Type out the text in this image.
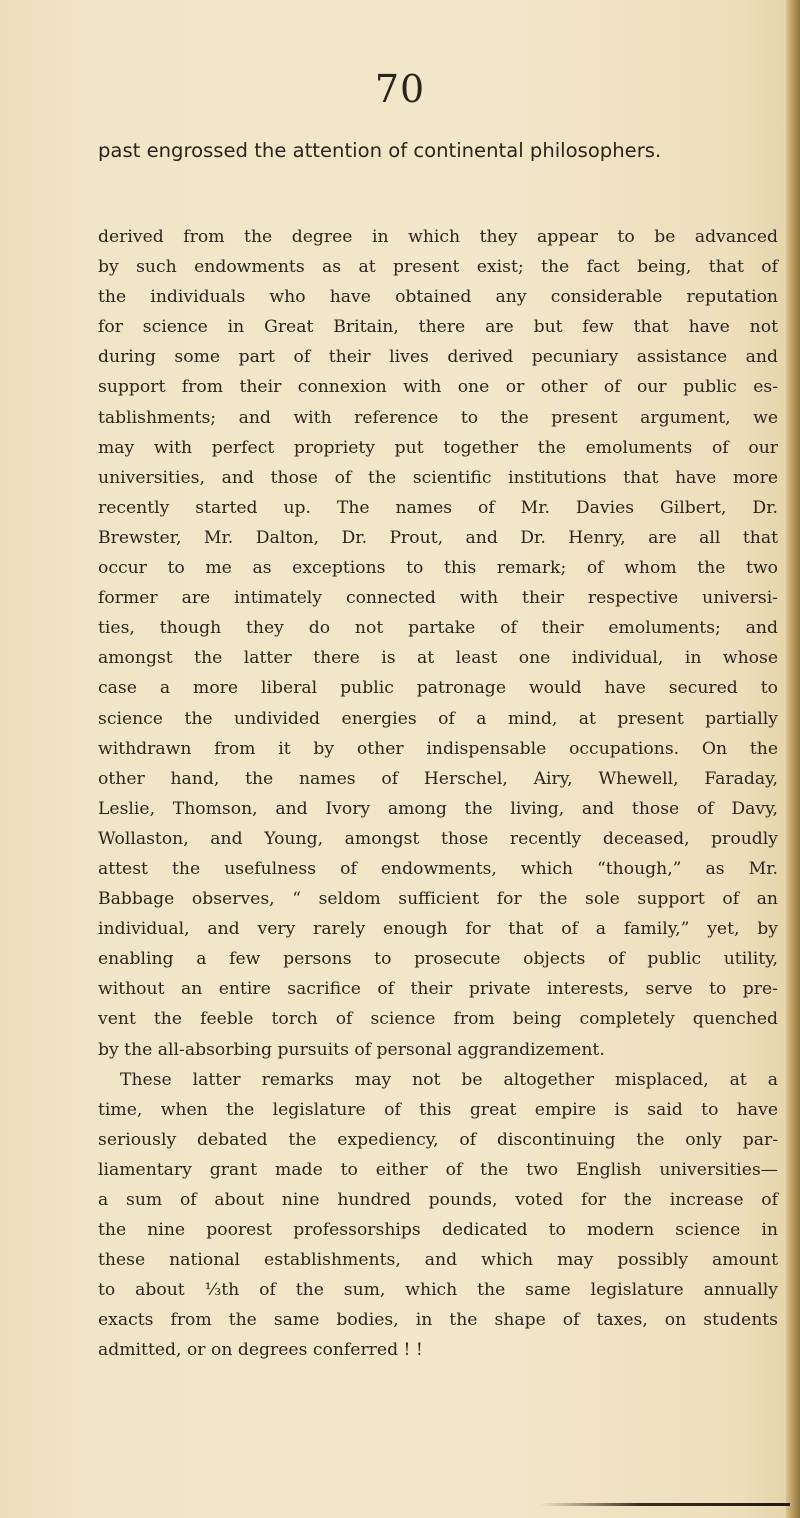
70
past engrossed the attention of continental philosophers.
derived from the degree in which they appear to be advanced
by such endowments as at present exist; the fact being, that of
the individuals who have obtained any considerable reputation
for science in Great Britain, there are but few that have not
during some part of their lives derived pecuniary assistance and
support from their connexion with one or other of our public es-
tablishments; and with reference to the present argument, we
may with perfect propriety put together the emoluments of our
universities, and those of the scientific institutions that have more
recently started up. The names of Mr. Davies Gilbert, Dr.
Brewster, Mr. Dalton, Dr. Prout, and Dr. Henry, are all that
occur to me as exceptions to this remark; of whom the two
former are intimately connected with their respective universi-
ties, though they do not partake of their emoluments; and
amongst the latter there is at least one individual, in whose
case a more liberal public patronage would have secured to
science the undivided energies of a mind, at present partially
withdrawn from it by other indispensable occupations. On the
other hand, the names of Herschel, Airy, Whewell, Faraday,
Leslie, Thomson, and Ivory among the living, and those of Davy,
Wollaston, and Young, amongst those recently deceased, proudly
attest the usefulness of endowments, which “though,” as Mr.
Babbage observes, “ seldom sufficient for the sole support of an
individual, and very rarely enough for that of a family,” yet, by
enabling a few persons to prosecute objects of public utility,
without an entire sacrifice of their private interests, serve to pre-
vent the feeble torch of science from being completely quenched
by the all-absorbing pursuits of personal aggrandizement.
These latter remarks may not be altogether misplaced, at a
time, when the legislature of this great empire is said to have
seriously debated the expediency, of discontinuing the only par-
liamentary grant made to either of the two English universities—
a sum of about nine hundred pounds, voted for the increase of
the nine poorest professorships dedicated to modern science in
these national establishments, and which may possibly amount
to about ⅓th of the sum, which the same legislature annually
exacts from the same bodies, in the shape of taxes, on students
admitted, or on degrees conferred ! !
